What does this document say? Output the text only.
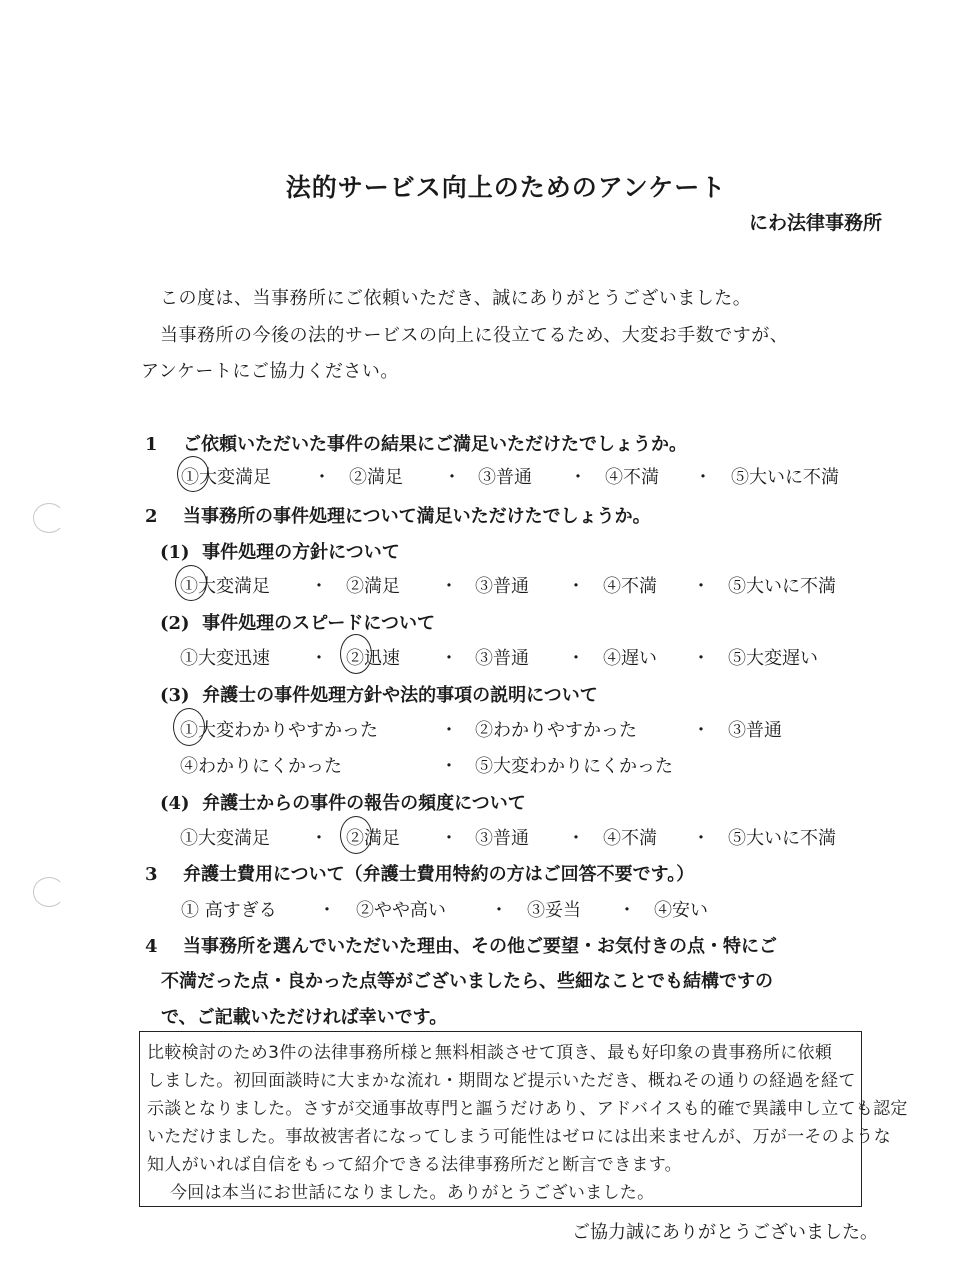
法的サービス向上のためのアンケート
にわ法律事務所
この度は、当事務所にご依頼いただき、誠にありがとうございました。
当事務所の今後の法的サービスの向上に役立てるため、大変お手数ですが、
アンケートにご協力ください。
1 ご依頼いただいた事件の結果にご満足いただけたでしょうか。
①大変満足 ・ ②満足 ・ ③普通 ・ ④不満 ・ ⑤大いに不満
2 当事務所の事件処理について満足いただけたでしょうか。
(1) 事件処理の方針について
①大変満足 ・ ②満足 ・ ③普通 ・ ④不満 ・ ⑤大いに不満
(2) 事件処理のスピードについて
①大変迅速 ・ ②迅速 ・ ③普通 ・ ④遅い ・ ⑤大変遅い
(3) 弁護士の事件処理方針や法的事項の説明について
①大変わかりやすかった	・ ②わかりやすかった	・ ③普通
④わかりにくかった	・ ⑤大変わかりにくかった
(4) 弁護士からの事件の報告の頻度について
①大変満足 ・ ②満足 ・ ③普通 ・ ④不満 ・ ⑤大いに不満
3 弁護士費用について（弁護士費用特約の方はご回答不要です。）
① 高すぎる ・ ②やや高い ・ ③妥当 ・ ④安い
4 当事務所を選んでいただいた理由、その他ご要望・お気付きの点・特にご
不満だった点・良かった点等がございましたら、些細なことでも結構ですの
で、ご記載いただければ幸いです。
比較検討のため3件の法律事務所様と無料相談させて頂き、最も好印象の貴事務所に依頼
しました。初回面談時に大まかな流れ・期間など提示いただき、概ねその通りの経過を経て
示談となりました。さすが交通事故専門と謳うだけあり、アドバイスも的確で異議申し立ても認定
いただけました。事故被害者になってしまう可能性はゼロには出来ませんが、万が一そのような
知人がいれば自信をもって紹介できる法律事務所だと断言できます。
今回は本当にお世話になりました。ありがとうございました。
ご協力誠にありがとうございました。
